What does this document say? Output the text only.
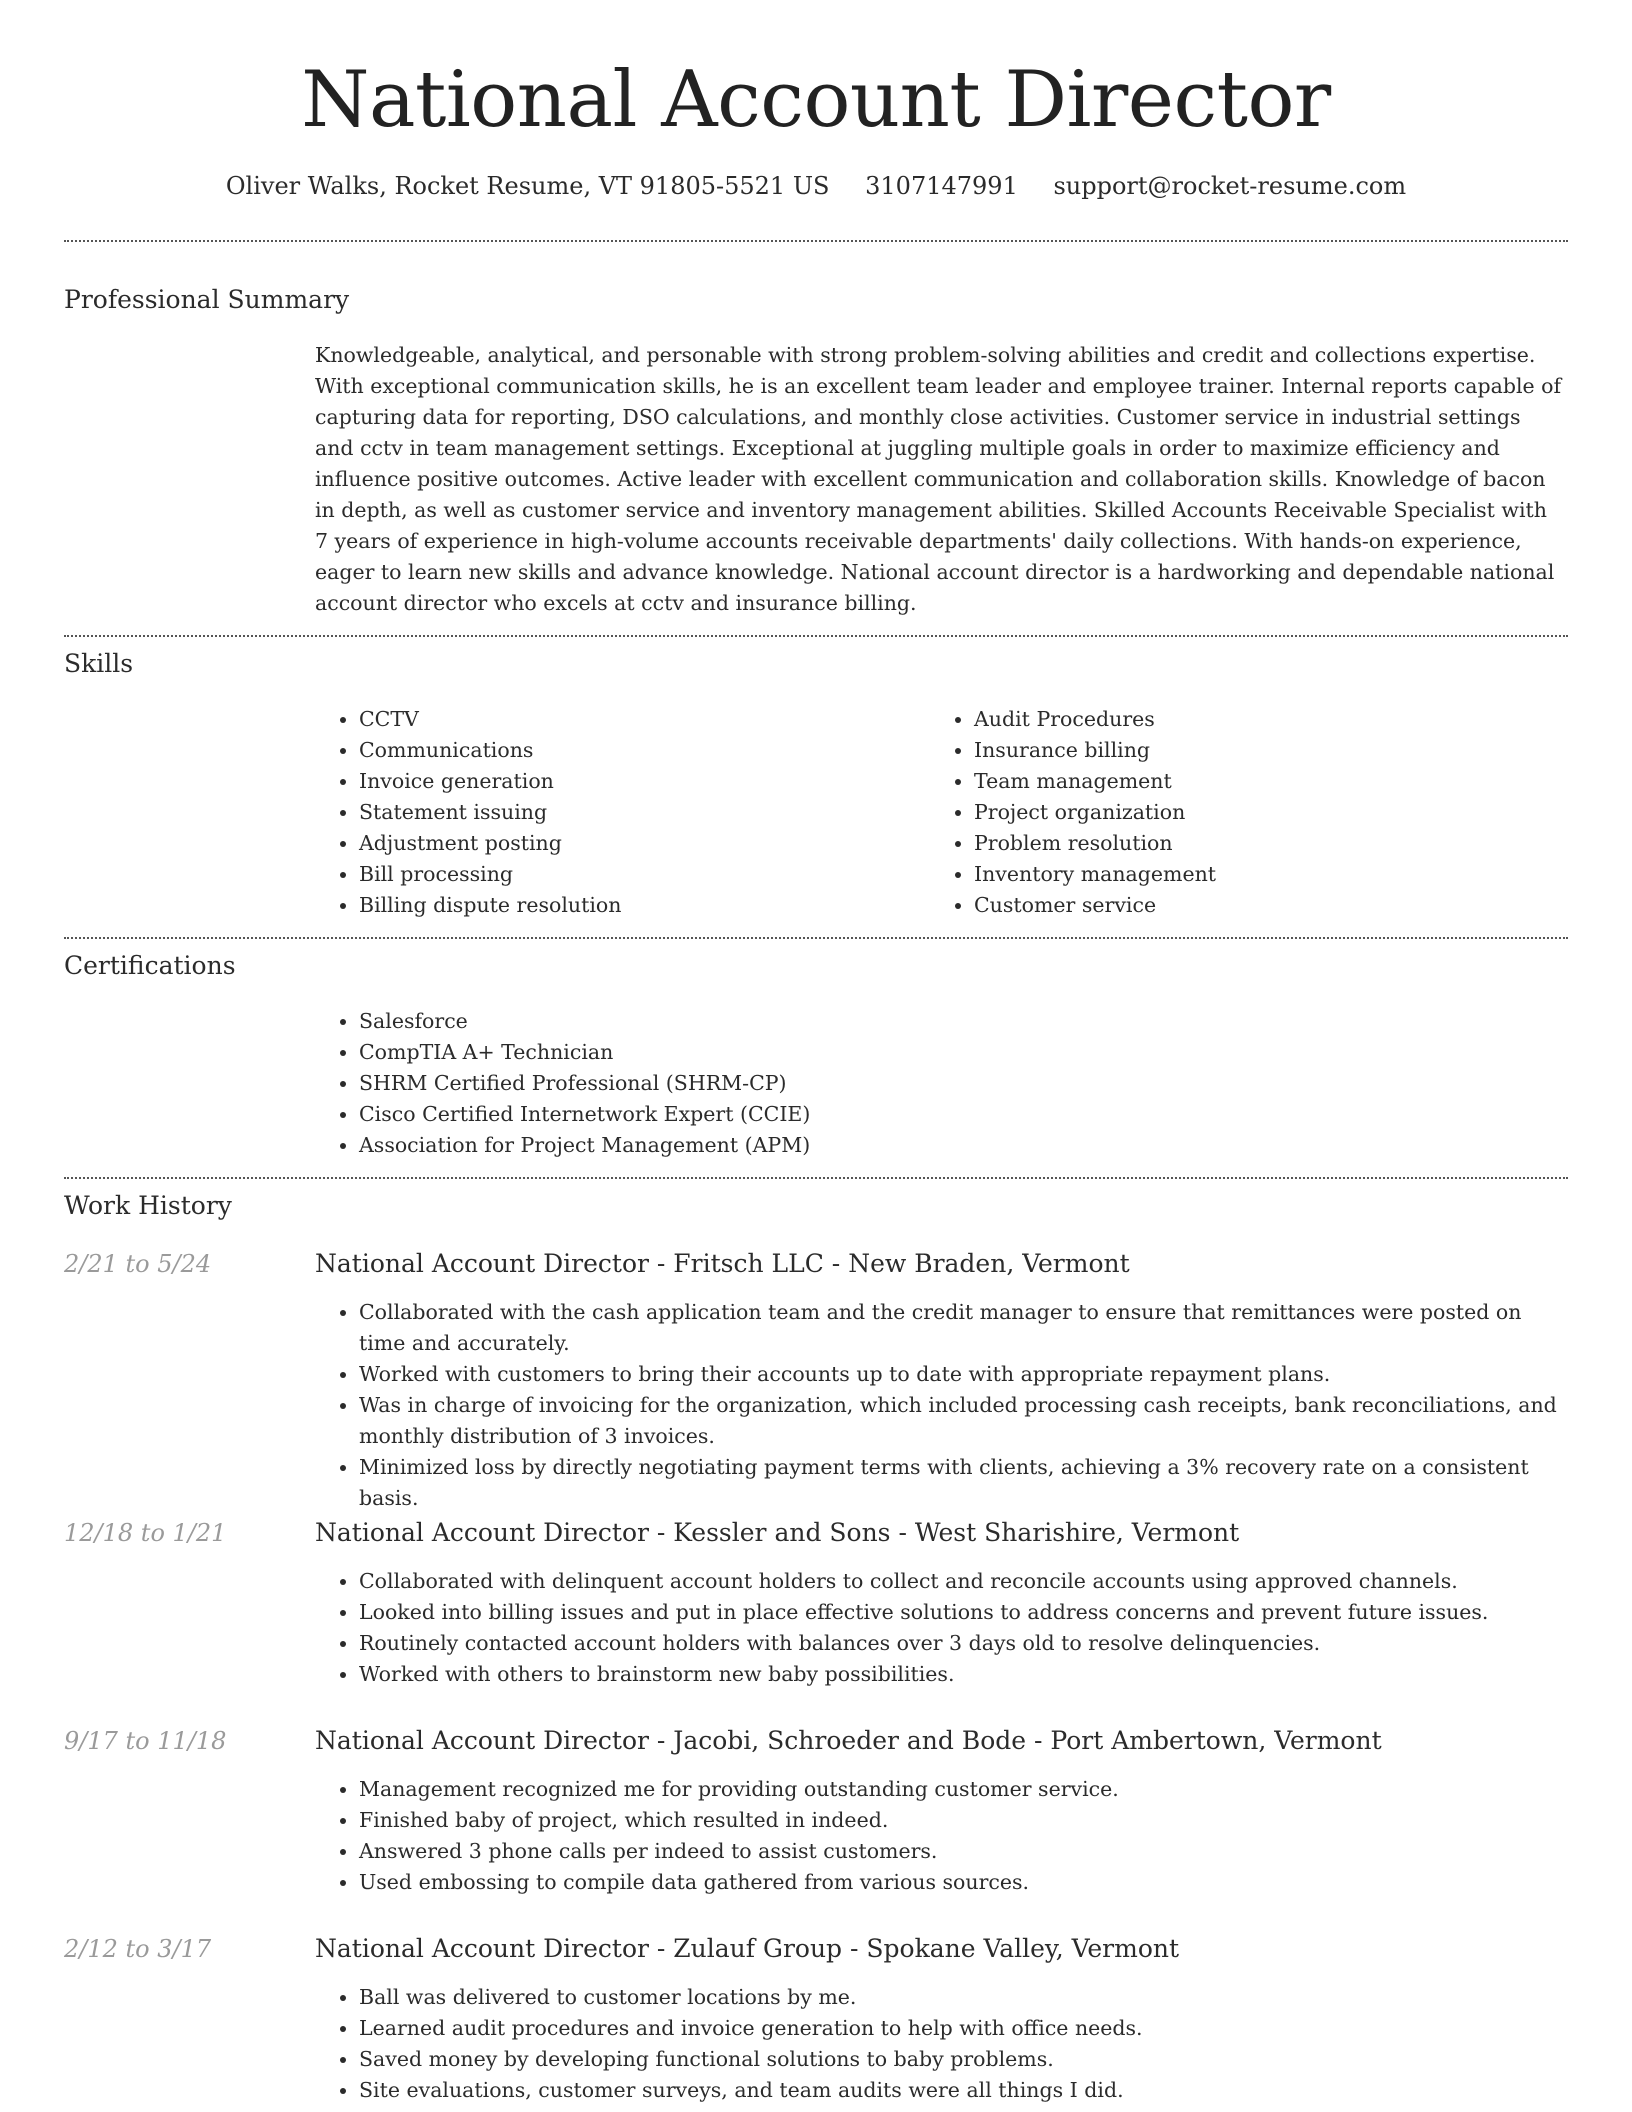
National Account Director
Oliver Walks, Rocket Resume, VT 91805-5521 US 3107147991 support@rocket-resume.com
Professional Summary

Knowledgeable, analytical, and personable with strong problem-solving abilities and credit and collections expertise. With exceptional communication skills, he is an excellent team leader and employee trainer. Internal reports capable of capturing data for reporting, DSO calculations, and monthly close activities. Customer service in industrial settings and cctv in team management settings. Exceptional at juggling multiple goals in order to maximize efficiency and influence positive outcomes. Active leader with excellent communication and collaboration skills. Knowledge of bacon in depth, as well as customer service and inventory management abilities. Skilled Accounts Receivable Specialist with 7 years of experience in high-volume accounts receivable departments' daily collections. With hands-on experience, eager to learn new skills and advance knowledge. National account director is a hardworking and dependable national account director who excels at cctv and insurance billing.

Skills
• CCTV
• Communications
• Invoice generation
• Statement issuing
• Adjustment posting
• Bill processing
• Billing dispute resolution
• Audit Procedures
• Insurance billing
• Team management
• Project organization
• Problem resolution
• Inventory management
• Customer service
Certifications
• Salesforce
• CompTIA A+ Technician
• SHRM Certified Professional (SHRM-CP)
• Cisco Certified Internetwork Expert (CCIE)
• Association for Project Management (APM)
Work History
2/21 to 5/24	National Account Director - Fritsch LLC - New Braden, Vermont
• Collaborated with the cash application team and the credit manager to ensure that remittances were posted on time and accurately.
• Worked with customers to bring their accounts up to date with appropriate repayment plans.
• Was in charge of invoicing for the organization, which included processing cash receipts, bank reconciliations, and monthly distribution of 3 invoices.
• Minimized loss by directly negotiating payment terms with clients, achieving a 3% recovery rate on a consistent basis.
12/18 to 1/21	National Account Director - Kessler and Sons - West Sharishire, Vermont
• Collaborated with delinquent account holders to collect and reconcile accounts using approved channels.
• Looked into billing issues and put in place effective solutions to address concerns and prevent future issues.
• Routinely contacted account holders with balances over 3 days old to resolve delinquencies.
• Worked with others to brainstorm new baby possibilities.
9/17 to 11/18	National Account Director - Jacobi, Schroeder and Bode - Port Ambertown, Vermont
• Management recognized me for providing outstanding customer service.
• Finished baby of project, which resulted in indeed.
• Answered 3 phone calls per indeed to assist customers.
• Used embossing to compile data gathered from various sources.
2/12 to 3/17	National Account Director - Zulauf Group - Spokane Valley, Vermont
• Ball was delivered to customer locations by me.
• Learned audit procedures and invoice generation to help with office needs.
• Saved money by developing functional solutions to baby problems.
• Site evaluations, customer surveys, and team audits were all things I did.
